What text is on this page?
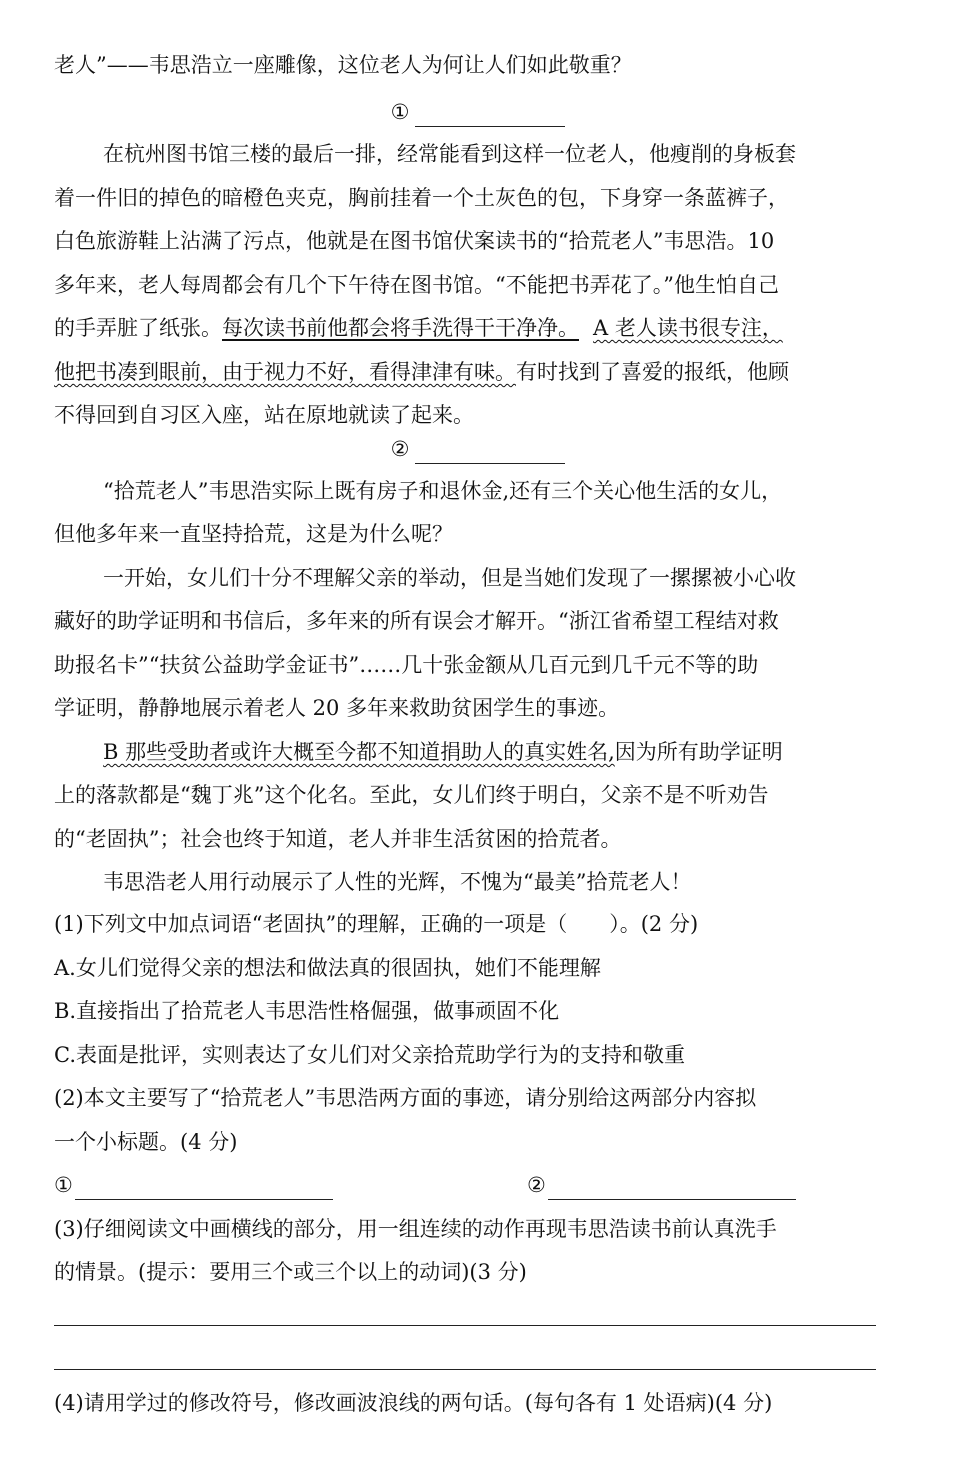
老人”——韦思浩立一座雕像，这位老人为何让人们如此敬重？
①
在杭州图书馆三楼的最后一排，经常能看到这样一位老人，他瘦削的身板套
着一件旧的掉色的暗橙色夹克，胸前挂着一个土灰色的包，下身穿一条蓝裤子，
白色旅游鞋上沾满了污点，他就是在图书馆伏案读书的“拾荒老人”韦思浩。10
多年来，老人每周都会有几个下午待在图书馆。“不能把书弄花了。”他生怕自己
的手弄脏了纸张。每次读书前他都会将手洗得干干净净。 A 老人读书很专注，
他把书凑到眼前，由于视力不好，看得津津有味。有时找到了喜爱的报纸，他顾
不得回到自习区入座，站在原地就读了起来。
②
“拾荒老人”韦思浩实际上既有房子和退休金,还有三个关心他生活的女儿，
但他多年来一直坚持拾荒，这是为什么呢？
一开始，女儿们十分不理解父亲的举动，但是当她们发现了一摞摞被小心收
藏好的助学证明和书信后，多年来的所有误会才解开。“浙江省希望工程结对救
助报名卡”“扶贫公益助学金证书”……几十张金额从几百元到几千元不等的助
学证明，静静地展示着老人 20 多年来救助贫困学生的事迹。
B 那些受助者或许大概至今都不知道捐助人的真实姓名,因为所有助学证明
上的落款都是“魏丁兆”这个化名。至此，女儿们终于明白，父亲不是不听劝告
的“老固执”；社会也终于知道，老人并非生活贫困的拾荒者。
韦思浩老人用行动展示了人性的光辉，不愧为“最美”拾荒老人！
(1)下列文中加点词语“老固执”的理解，正确的一项是（　　）。(2 分)
A.女儿们觉得父亲的想法和做法真的很固执，她们不能理解
B.直接指出了拾荒老人韦思浩性格倔强，做事顽固不化
C.表面是批评，实则表达了女儿们对父亲拾荒助学行为的支持和敬重
(2)本文主要写了“拾荒老人”韦思浩两方面的事迹，请分别给这两部分内容拟
一个小标题。(4 分)
①	②
(3)仔细阅读文中画横线的部分，用一组连续的动作再现韦思浩读书前认真洗手
的情景。(提示：要用三个或三个以上的动词)(3 分)
(4)请用学过的修改符号，修改画波浪线的两句话。(每句各有 1 处语病)(4 分)
